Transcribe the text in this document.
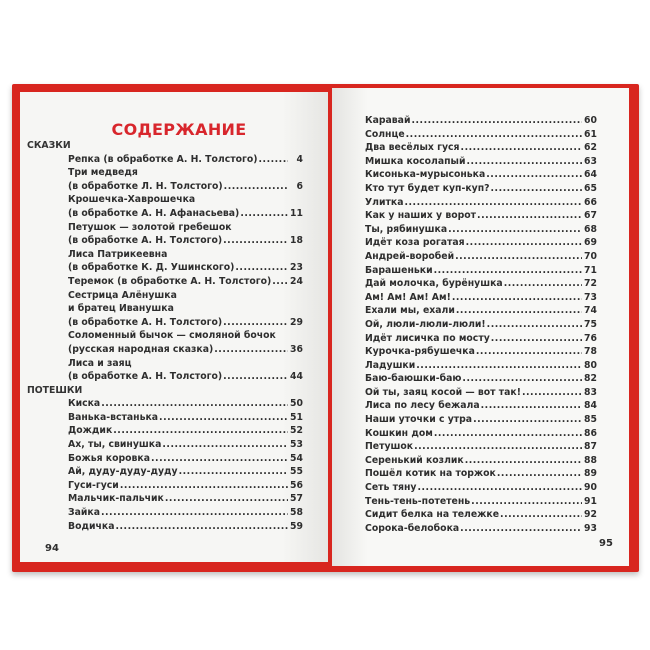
СОДЕРЖАНИЕ
СКАЗКИ
Репка (в обработке А. Н. Толстого) .....	4
Три медведя
(в обработке Л. Н. Толстого) .....	6
Крошечка-Хаврошечка
(в обработке А. Н. Афанасьева) .....	11
Петушок — золотой гребешок
(в обработке А. Н. Толстого) .....	18
Лиса Патрикеевна
(в обработке К. Д. Ушинского) .....	23
Теремок (в обработке А. Н. Толстого) ..... 24
Сестрица Алёнушка
и братец Иванушка
(в обработке А. Н. Толстого) .....	29
Соломенный бычок — смоляной бочок
(русская народная сказка) .....	36
Лиса и заяц
(в обработке А. Н. Толстого) .....	44
ПОТЕШКИ
Киска .....	50
Ванька-встанька .....	51
Дождик .....	52
Ах, ты, свинушка .....	53
Божья коровка .....	54
Ай, дуду-дуду-дуду .....	55
Гуси-гуси .....	56
Мальчик-пальчик .....	57
Зайка .....	58
Водичка .....	59
94
Каравай .....	60
Солнце .....	61
Два весёлых гуся .....	62
Мишка косолапый .....	63
Кисонька-мурысонька .....	64
Кто тут будет куп-куп? .....	65
Улитка .....	66
Как у наших у ворот .....	67
Ты, рябинушка .....	68
Идёт коза рогатая .....	69
Андрей-воробей .....	70
Барашеньки .....	71
Дай молочка, бурёнушка .....	72
Ам! Ам! Ам! Ам! .....	73
Ехали мы, ехали .....	74
Ой, люли-люли-люли! .....	75
Идёт лисичка по мосту .....	76
Курочка-рябушечка .....	78
Ладушки .....	80
Баю-баюшки-баю .....	82
Ой ты, заяц косой — вот так! .....	83
Лиса по лесу бежала .....	84
Наши уточки с утра .....	85
Кошкин дом .....	86
Петушок .....	87
Серенький козлик .....	88
Пошёл котик на торжок .....	89
Сеть тяну .....	90
Тень-тень-потетень .....	91
Сидит белка на тележке .....	92
Сорока-белобока .....	93
95
